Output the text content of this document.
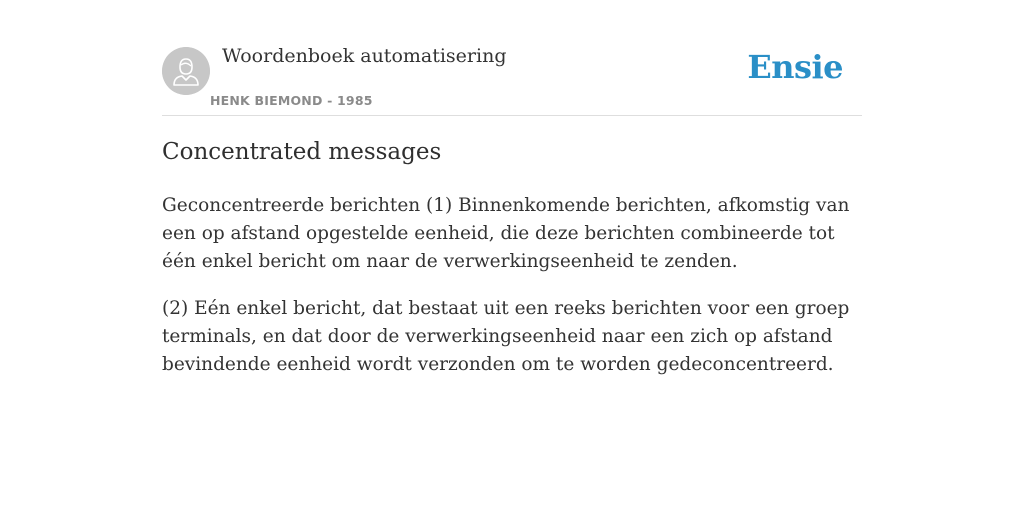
Woordenboek automatisering
HENK BIEMOND - 1985
Ensie
Concentrated messages

Geconcentreerde berichten (1) Binnenkomende berichten, afkomstig van een op afstand opgestelde eenheid, die deze berichten combineerde tot één enkel bericht om naar de verwerkingseenheid te zenden.

(2) Eén enkel bericht, dat bestaat uit een reeks berichten voor een groep terminals, en dat door de verwerkingseenheid naar een zich op afstand bevindende eenheid wordt verzonden om te worden gedeconcentreerd.
